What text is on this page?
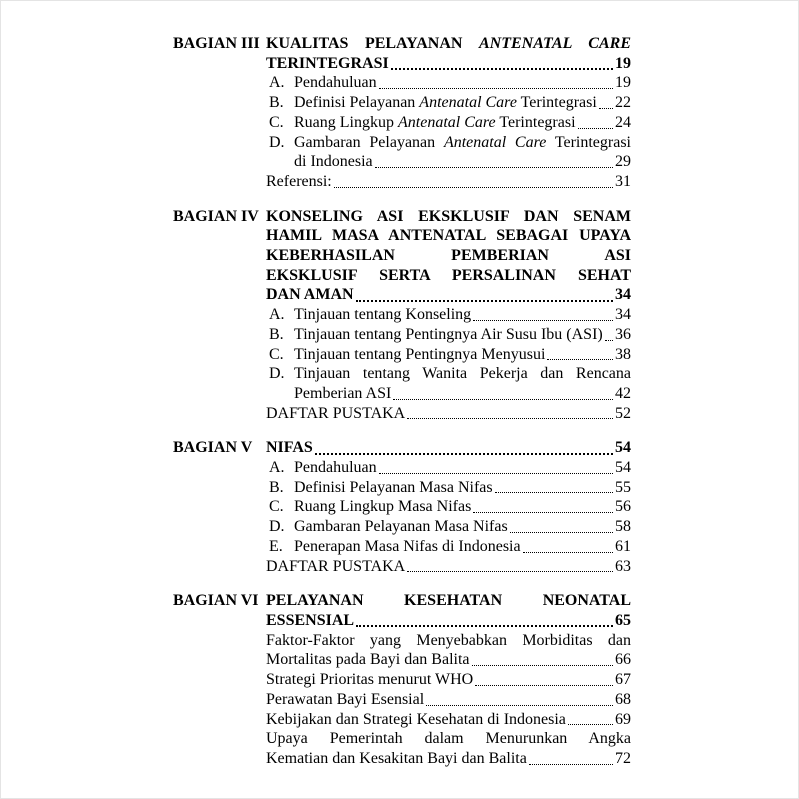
BAGIAN III KUALITAS PELAYANAN ANTENATAL CARE
TERINTEGRASI	19
A. Pendahuluan	19
B. Definisi Pelayanan Antenatal Care Terintegrasi 22
C. Ruang Lingkup Antenatal Care Terintegrasi 24
D. Gambaran Pelayanan Antenatal Care Terintegrasi
di Indonesia	29
Referensi:	31
BAGIAN IV KONSELING ASI EKSKLUSIF DAN SENAM
HAMIL MASA ANTENATAL SEBAGAI UPAYA
KEBERHASILAN PEMBERIAN ASI
EKSKLUSIF SERTA PERSALINAN SEHAT
DAN AMAN	34
A. Tinjauan tentang Konseling	34
B. Tinjauan tentang Pentingnya Air Susu Ibu (ASI) 36
C. Tinjauan tentang Pentingnya Menyusui	38
D. Tinjauan tentang Wanita Pekerja dan Rencana
Pemberian ASI	42
DAFTAR PUSTAKA	52
BAGIAN V NIFAS	54
A. Pendahuluan	54
B. Definisi Pelayanan Masa Nifas	55
C. Ruang Lingkup Masa Nifas	56
D. Gambaran Pelayanan Masa Nifas	58
E. Penerapan Masa Nifas di Indonesia	61
DAFTAR PUSTAKA	63
BAGIAN VI PELAYANAN KESEHATAN NEONATAL
ESSENSIAL	65
Faktor-Faktor yang Menyebabkan Morbiditas dan
Mortalitas pada Bayi dan Balita	66
Strategi Prioritas menurut WHO	67
Perawatan Bayi Esensial	68
Kebijakan dan Strategi Kesehatan di Indonesia	69
Upaya Pemerintah dalam Menurunkan Angka
Kematian dan Kesakitan Bayi dan Balita	72
